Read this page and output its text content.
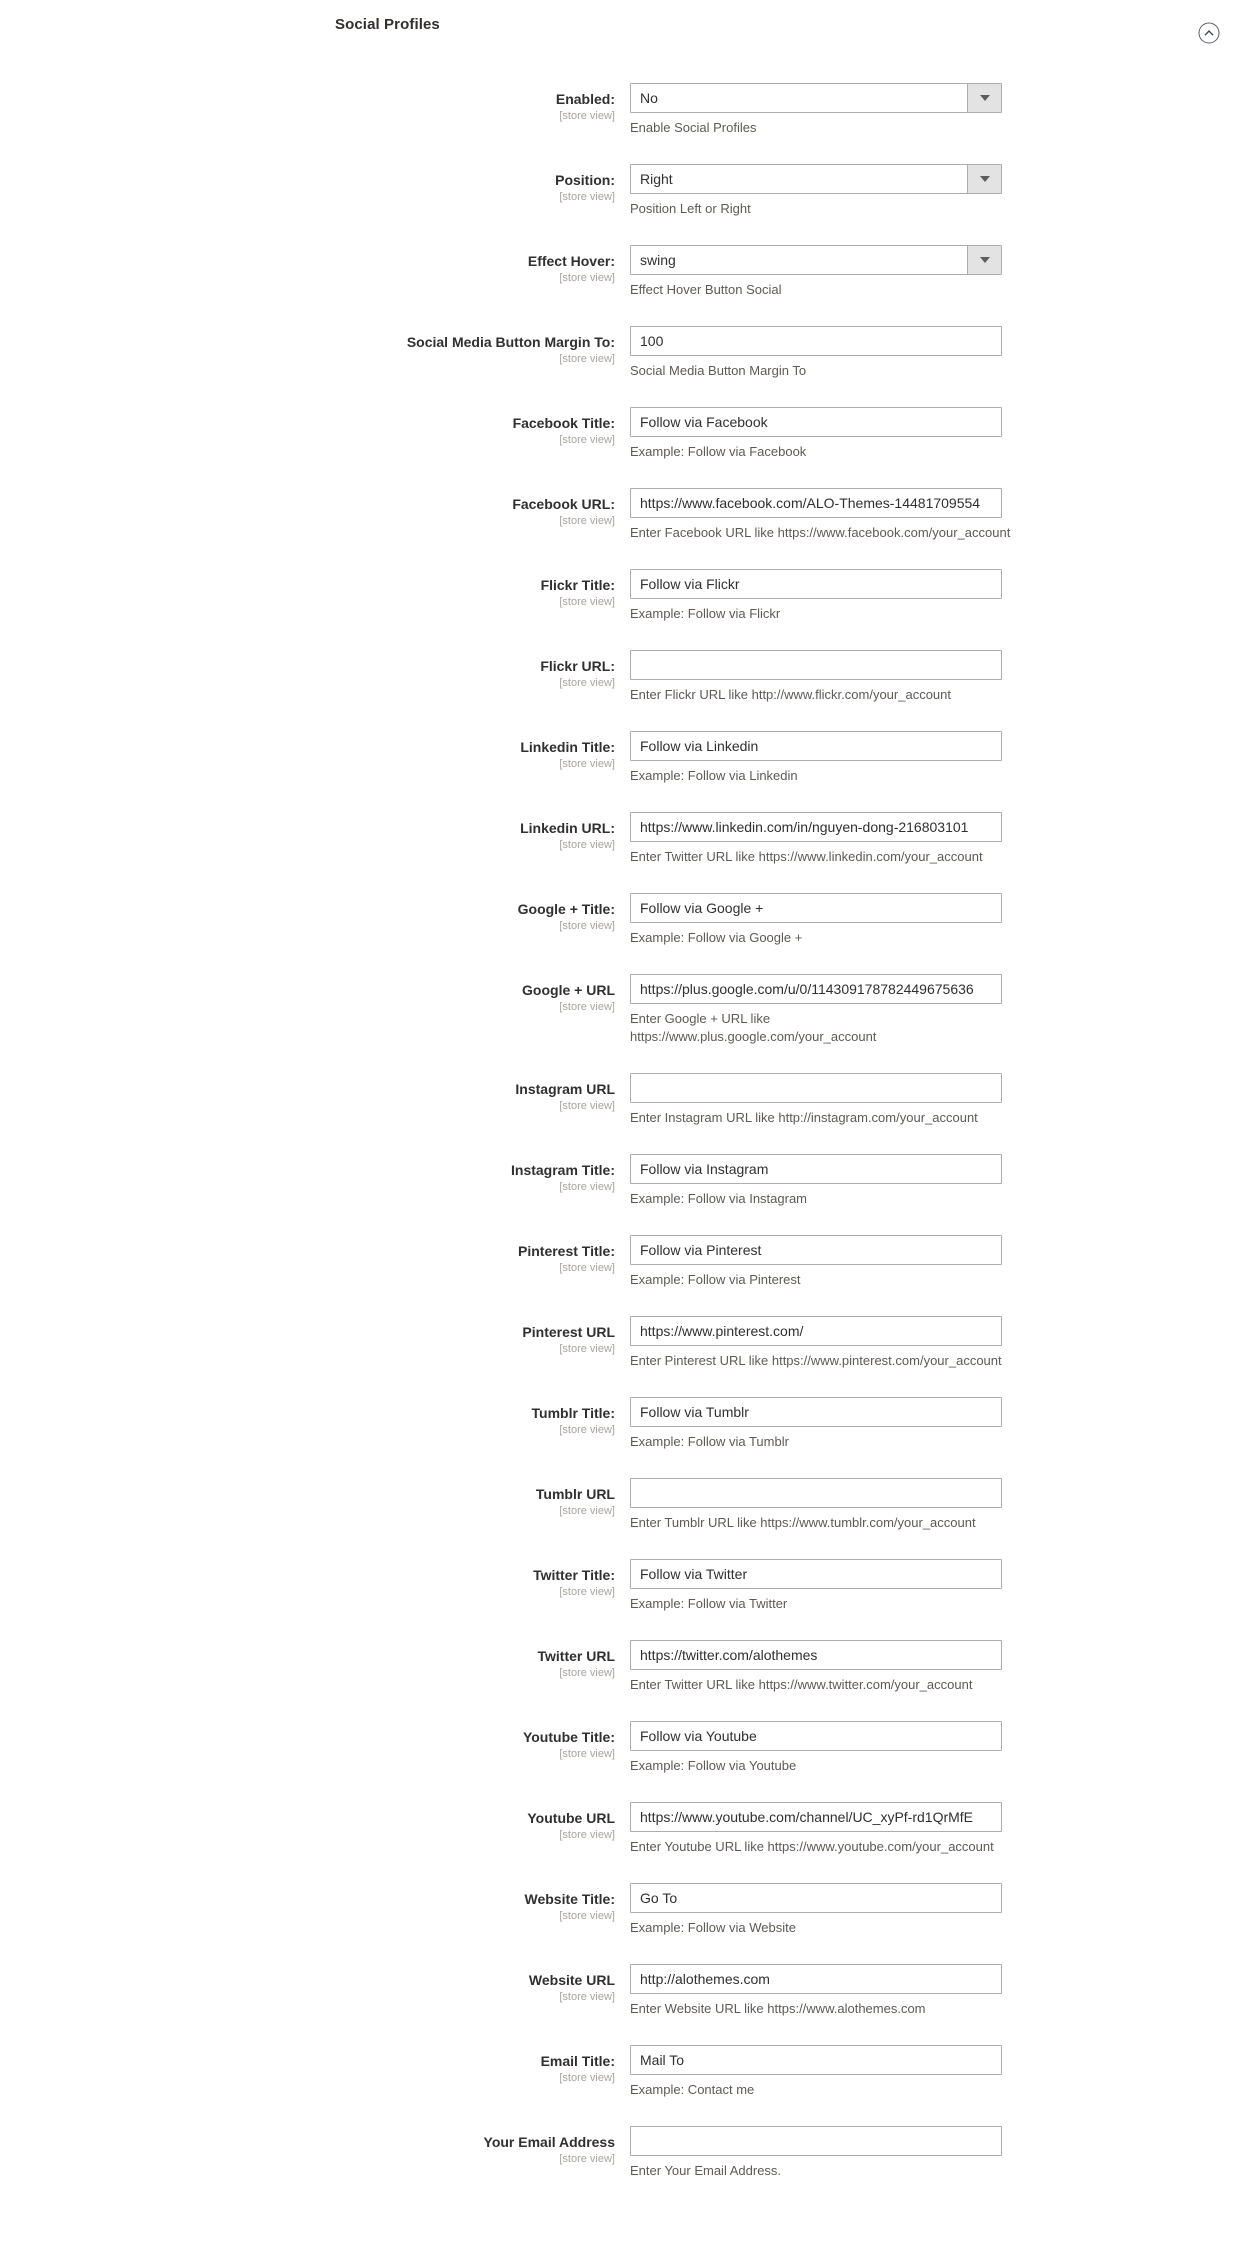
Social Profiles
Enabled:
[store view]
No
Enable Social Profiles
Position:
[store view]
Right
Position Left or Right
Effect Hover:
[store view]
swing
Effect Hover Button Social
Social Media Button Margin To:
[store view]
100
Social Media Button Margin To
Facebook Title:
[store view]
Follow via Facebook
Example: Follow via Facebook
Facebook URL:
[store view]
https://www.facebook.com/ALO-Themes-14481709554
Enter Facebook URL like https://www.facebook.com/your_account
Flickr Title:
[store view]
Follow via Flickr
Example: Follow via Flickr
Flickr URL:
[store view]
Enter Flickr URL like http://www.flickr.com/your_account
Linkedin Title:
[store view]
Follow via Linkedin
Example: Follow via Linkedin
Linkedin URL:
[store view]
https://www.linkedin.com/in/nguyen-dong-216803101
Enter Twitter URL like https://www.linkedin.com/your_account
Google + Title:
[store view]
Follow via Google +
Example: Follow via Google +
Google + URL
[store view]
https://plus.google.com/u/0/114309178782449675636
Enter Google + URL like
https://www.plus.google.com/your_account
Instagram URL
[store view]
Enter Instagram URL like http://instagram.com/your_account
Instagram Title:
[store view]
Follow via Instagram
Example: Follow via Instagram
Pinterest Title:
[store view]
Follow via Pinterest
Example: Follow via Pinterest
Pinterest URL
[store view]
https://www.pinterest.com/
Enter Pinterest URL like https://www.pinterest.com/your_account
Tumblr Title:
[store view]
Follow via Tumblr
Example: Follow via Tumblr
Tumblr URL
[store view]
Enter Tumblr URL like https://www.tumblr.com/your_account
Twitter Title:
[store view]
Follow via Twitter
Example: Follow via Twitter
Twitter URL
[store view]
https://twitter.com/alothemes
Enter Twitter URL like https://www.twitter.com/your_account
Youtube Title:
[store view]
Follow via Youtube
Example: Follow via Youtube
Youtube URL
[store view]
https://www.youtube.com/channel/UC_xyPf-rd1QrMfE
Enter Youtube URL like https://www.youtube.com/your_account
Website Title:
[store view]
Go To
Example: Follow via Website
Website URL
[store view]
http://alothemes.com
Enter Website URL like https://www.alothemes.com
Email Title:
[store view]
Mail To
Example: Contact me
Your Email Address
[store view]
Enter Your Email Address.
